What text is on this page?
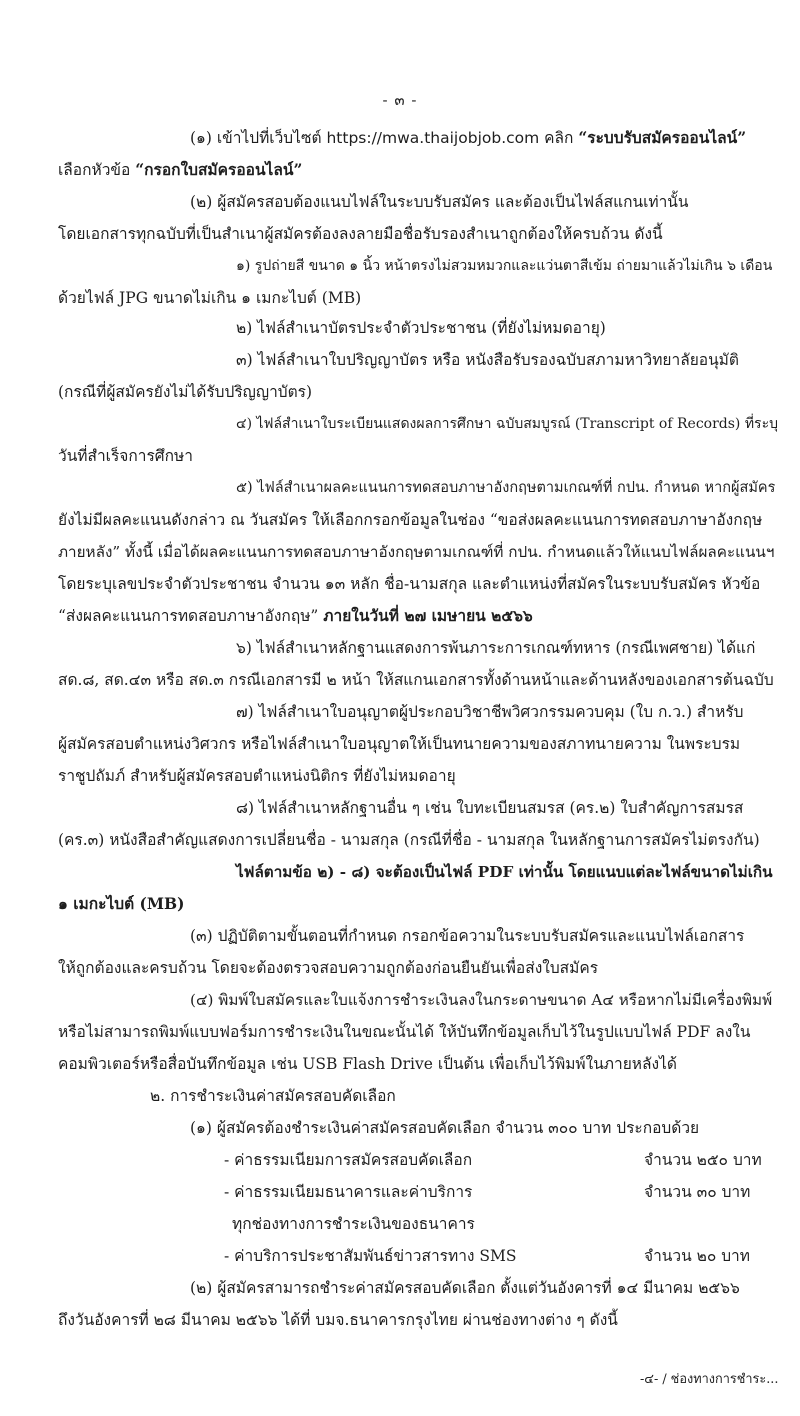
- ๓ -
(๑) เข้าไปที่เว็บไซต์ https://mwa.thaijobjob.com คลิก “ระบบรับสมัครออนไลน์”
เลือกหัวข้อ “กรอกใบสมัครออนไลน์”
(๒) ผู้สมัครสอบต้องแนบไฟล์ในระบบรับสมัคร และต้องเป็นไฟล์สแกนเท่านั้น
โดยเอกสารทุกฉบับที่เป็นสำเนาผู้สมัครต้องลงลายมือชื่อรับรองสำเนาถูกต้องให้ครบถ้วน ดังนี้
๑) รูปถ่ายสี ขนาด ๑ นิ้ว หน้าตรงไม่สวมหมวกและแว่นตาสีเข้ม ถ่ายมาแล้วไม่เกิน ๖ เดือน
ด้วยไฟล์ JPG ขนาดไม่เกิน ๑ เมกะไบต์ (MB)
๒) ไฟล์สำเนาบัตรประจำตัวประชาชน (ที่ยังไม่หมดอายุ)
๓) ไฟล์สำเนาใบปริญญาบัตร หรือ หนังสือรับรองฉบับสภามหาวิทยาลัยอนุมัติ
(กรณีที่ผู้สมัครยังไม่ได้รับปริญญาบัตร)
๔) ไฟล์สำเนาใบระเบียนแสดงผลการศึกษา ฉบับสมบูรณ์ (Transcript of Records) ที่ระบุ
วันที่สำเร็จการศึกษา
๕) ไฟล์สำเนาผลคะแนนการทดสอบภาษาอังกฤษตามเกณฑ์ที่ กปน. กำหนด หากผู้สมัคร
ยังไม่มีผลคะแนนดังกล่าว ณ วันสมัคร ให้เลือกกรอกข้อมูลในช่อง “ขอส่งผลคะแนนการทดสอบภาษาอังกฤษ
ภายหลัง” ทั้งนี้ เมื่อได้ผลคะแนนการทดสอบภาษาอังกฤษตามเกณฑ์ที่ กปน. กำหนดแล้วให้แนบไฟล์ผลคะแนนฯ
โดยระบุเลขประจำตัวประชาชน จำนวน ๑๓ หลัก ชื่อ-นามสกุล และตำแหน่งที่สมัครในระบบรับสมัคร หัวข้อ
“ส่งผลคะแนนการทดสอบภาษาอังกฤษ” ภายในวันที่ ๒๗ เมษายน ๒๕๖๖
๖) ไฟล์สำเนาหลักฐานแสดงการพ้นภาระการเกณฑ์ทหาร (กรณีเพศชาย) ได้แก่
สด.๘, สด.๔๓ หรือ สด.๓ กรณีเอกสารมี ๒ หน้า ให้สแกนเอกสารทั้งด้านหน้าและด้านหลังของเอกสารต้นฉบับ
๗) ไฟล์สำเนาใบอนุญาตผู้ประกอบวิชาชีพวิศวกรรมควบคุม (ใบ ก.ว.) สำหรับ
ผู้สมัครสอบตำแหน่งวิศวกร หรือไฟล์สำเนาใบอนุญาตให้เป็นทนายความของสภาทนายความ ในพระบรม
ราชูปถัมภ์ สำหรับผู้สมัครสอบตำแหน่งนิติกร ที่ยังไม่หมดอายุ
๘) ไฟล์สำเนาหลักฐานอื่น ๆ เช่น ใบทะเบียนสมรส (คร.๒) ใบสำคัญการสมรส
(คร.๓) หนังสือสำคัญแสดงการเปลี่ยนชื่อ - นามสกุล (กรณีที่ชื่อ - นามสกุล ในหลักฐานการสมัครไม่ตรงกัน)
ไฟล์ตามข้อ ๒) - ๘) จะต้องเป็นไฟล์ PDF เท่านั้น โดยแนบแต่ละไฟล์ขนาดไม่เกิน
๑ เมกะไบต์ (MB)
(๓) ปฏิบัติตามขั้นตอนที่กำหนด กรอกข้อความในระบบรับสมัครและแนบไฟล์เอกสาร
ให้ถูกต้องและครบถ้วน โดยจะต้องตรวจสอบความถูกต้องก่อนยืนยันเพื่อส่งใบสมัคร
(๔) พิมพ์ใบสมัครและใบแจ้งการชำระเงินลงในกระดาษขนาด A๔ หรือหากไม่มีเครื่องพิมพ์
หรือไม่สามารถพิมพ์แบบฟอร์มการชำระเงินในขณะนั้นได้ ให้บันทึกข้อมูลเก็บไว้ในรูปแบบไฟล์ PDF ลงใน
คอมพิวเตอร์หรือสื่อบันทึกข้อมูล เช่น USB Flash Drive เป็นต้น เพื่อเก็บไว้พิมพ์ในภายหลังได้
๒. การชำระเงินค่าสมัครสอบคัดเลือก
(๑) ผู้สมัครต้องชำระเงินค่าสมัครสอบคัดเลือก จำนวน ๓๐๐ บาท ประกอบด้วย
- ค่าธรรมเนียมการสมัครสอบคัดเลือก	จำนวน ๒๕๐ บาท
- ค่าธรรมเนียมธนาคารและค่าบริการ	จำนวน ๓๐ บาท
ทุกช่องทางการชำระเงินของธนาคาร
- ค่าบริการประชาสัมพันธ์ข่าวสารทาง SMS	จำนวน ๒๐ บาท
(๒) ผู้สมัครสามารถชำระค่าสมัครสอบคัดเลือก ตั้งแต่วันอังคารที่ ๑๔ มีนาคม ๒๕๖๖
ถึงวันอังคารที่ ๒๘ มีนาคม ๒๕๖๖ ได้ที่ บมจ.ธนาคารกรุงไทย ผ่านช่องทางต่าง ๆ ดังนี้
-๔- / ช่องทางการชำระ...
